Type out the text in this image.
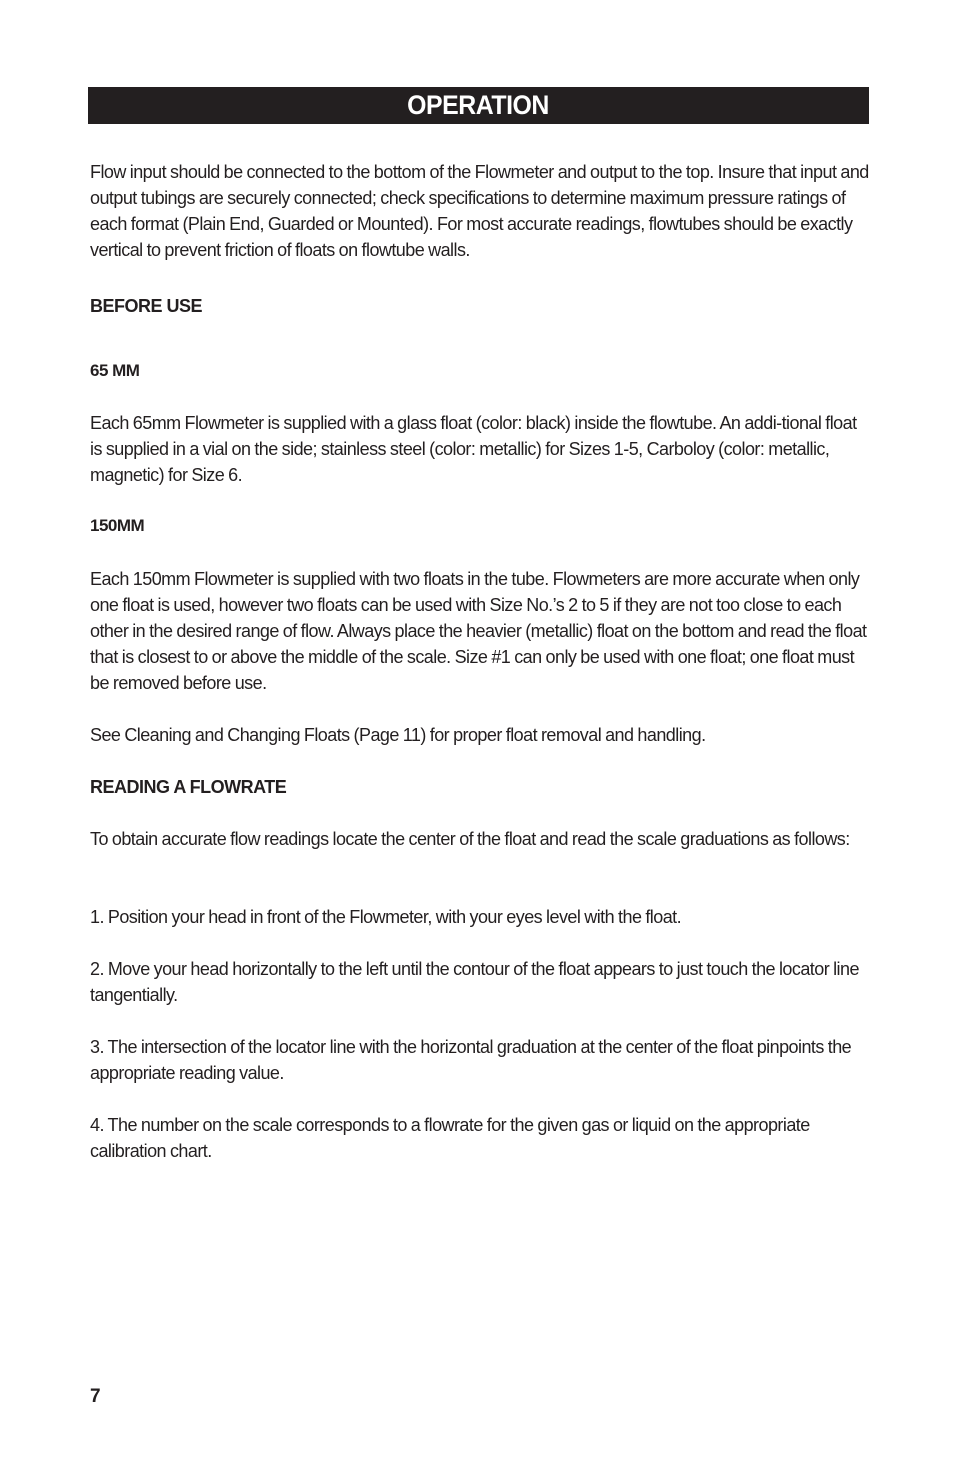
OPERATION

Flow input should be connected to the bottom of the Flowmeter and output to the top. Insure that input and output tubings are securely connected; check specifications to determine maximum pressure ratings of each format (Plain End, Guarded or Mounted). For most accurate readings, flowtubes should be exactly vertical to prevent friction of floats on flowtube walls.

BEFORE USE
65 MM

Each 65mm Flowmeter is supplied with a glass float (color: black) inside the flowtube. An addi-tional float is supplied in a vial on the side; stainless steel (color: metallic) for Sizes 1-5, Carboloy (color: metallic, magnetic) for Size 6.

150MM

Each 150mm Flowmeter is supplied with two floats in the tube. Flowmeters are more accurate when only one float is used, however two floats can be used with Size No.’s 2 to 5 if they are not too close to each other in the desired range of flow. Always place the heavier (metallic) float on the bottom and read the float that is closest to or above the middle of the scale. Size #1 can only be used with one float; one float must be removed before use.

See Cleaning and Changing Floats (Page 11) for proper float removal and handling.

READING A FLOWRATE

To obtain accurate flow readings locate the center of the float and read the scale graduations as follows:

1. Position your head in front of the Flowmeter, with your eyes level with the float.

2. Move your head horizontally to the left until the contour of the float appears to just touch the locator line tangentially.

3. The intersection of the locator line with the horizontal graduation at the center of the float pinpoints the appropriate reading value.

4. The number on the scale corresponds to a flowrate for the given gas or liquid on the appropriate calibration chart.

7
